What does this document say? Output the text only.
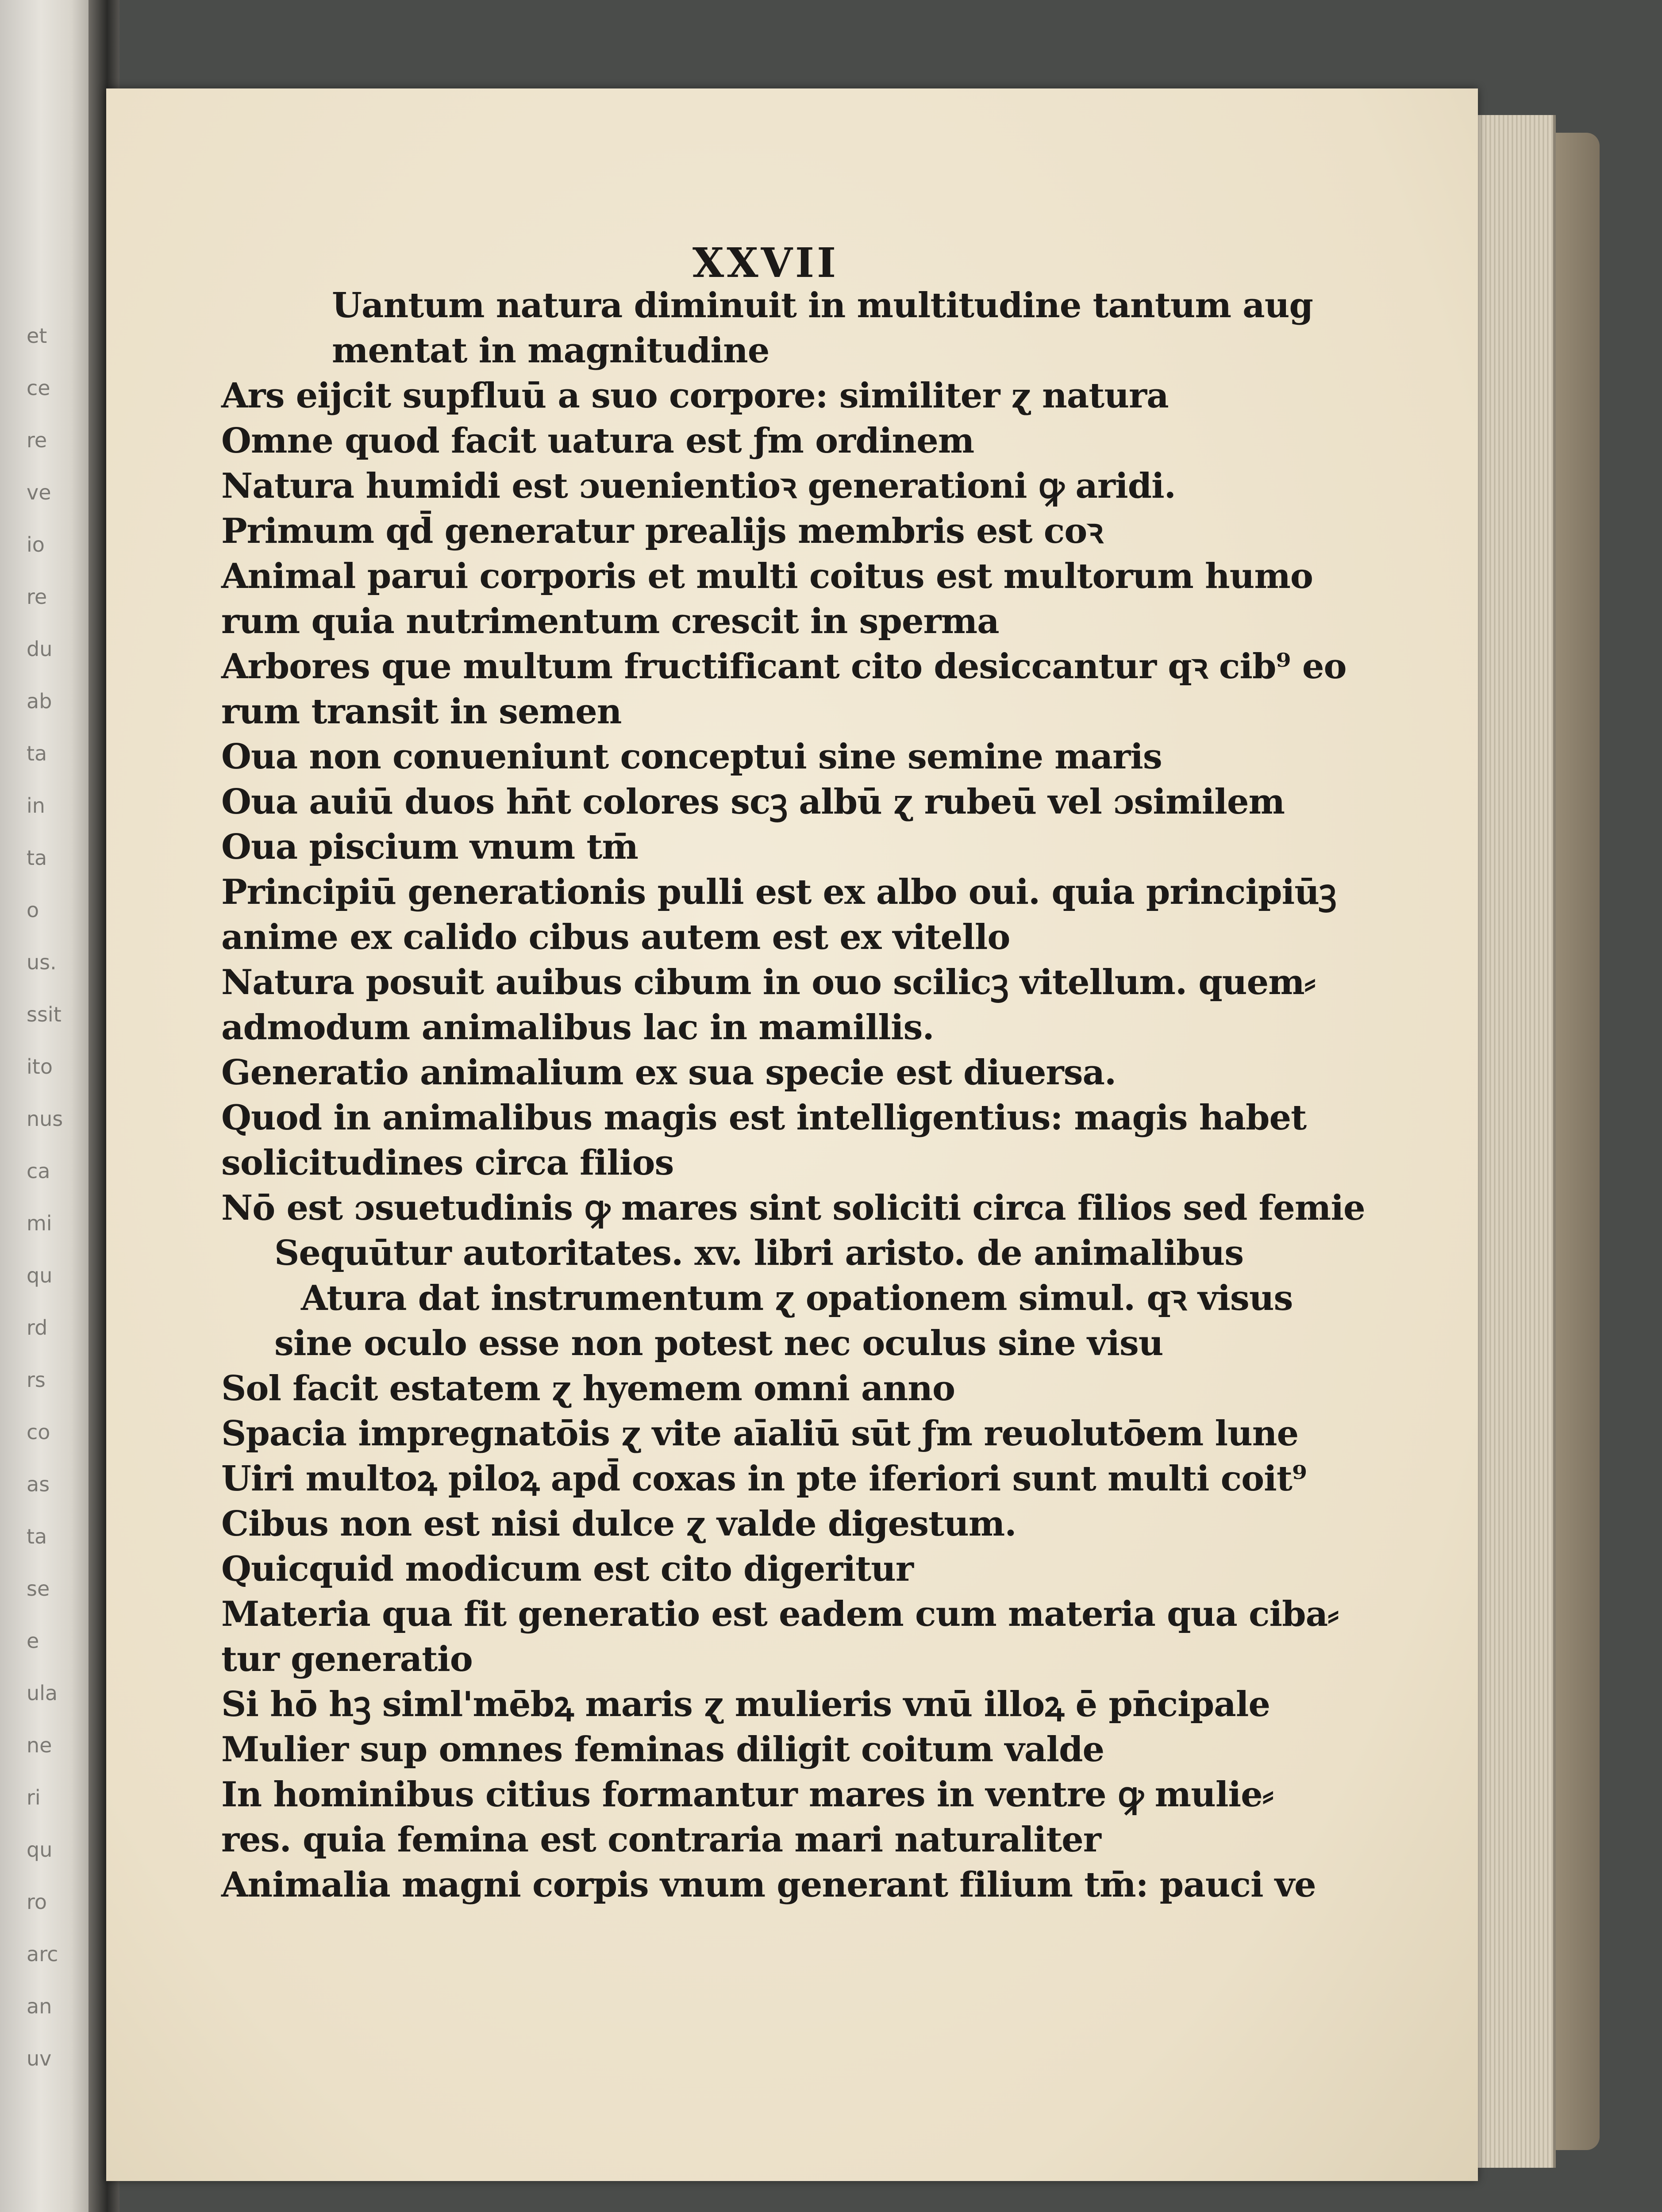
et
ce
re
ve
io
re
du
ab
ta
in
ta
o
us.
ssit
ito
nus
ca
mi
qu
rd
rs
co
as
ta
se
e
ula
ne
ri
qu
ro
arc
an
uv
XXVII
Uantum natura diminuit in multitudine tantum aug
mentat in magnitudine
Ars eijcit supfluū a suo corpore: similiter ɀ natura
Omne quod facit uatura est ƒm ordinem
Natura humidi est ɔuenientioꝛ generationi ꝙ aridi.
Primum qd̄ generatur prealijs membris est coꝛ
Animal parui corporis et multi coitus est multorum humo
rum quia nutrimentum crescit in sperma
Arbores que multum fructificant cito desiccantur qꝛ cib⁹ eo
rum transit in semen
Oua non conueniunt conceptui sine semine maris
Oua auiū duos hn̄t colores scꝫ albū ɀ rubeū vel ɔsimilem
Oua piscium vnum tm̄
Principiū generationis pulli est ex albo oui. quia principiūꝫ
anime ex calido cibus autem est ex vitello
Natura posuit auibus cibum in ouo scilicꝫ vitellum. quem⸗
admodum animalibus lac in mamillis.
Generatio animalium ex sua specie est diuersa.
Quod in animalibus magis est intelligentius: magis habet
solicitudines circa filios
Nō est ɔsuetudinis ꝙ mares sint soliciti circa filios sed femie
Sequūtur autoritates. xv. libri aristo. de animalibus
Atura dat instrumentum ɀ opationem simul. qꝛ visus
sine oculo esse non potest nec oculus sine visu
Sol facit estatem ɀ hyemem omni anno
Spacia impregnatōis ɀ vite aīaliū sūt ƒm reuolutōem lune
Uiri multoꝝ piloꝝ apd̄ coxas in pte iferiori sunt multi coit⁹
Cibus non est nisi dulce ɀ valde digestum.
Quicquid modicum est cito digeritur
Materia qua fit generatio est eadem cum materia qua ciba⸗
tur generatio
Si hō hꝫ siml'mēbꝝ maris ɀ mulieris vnū illoꝝ ē pn̄cipale
Mulier sup omnes feminas diligit coitum valde
In hominibus citius formantur mares in ventre ꝙ mulie⸗
res. quia femina est contraria mari naturaliter
Animalia magni corpis vnum generant filium tm̄: pauci ve
